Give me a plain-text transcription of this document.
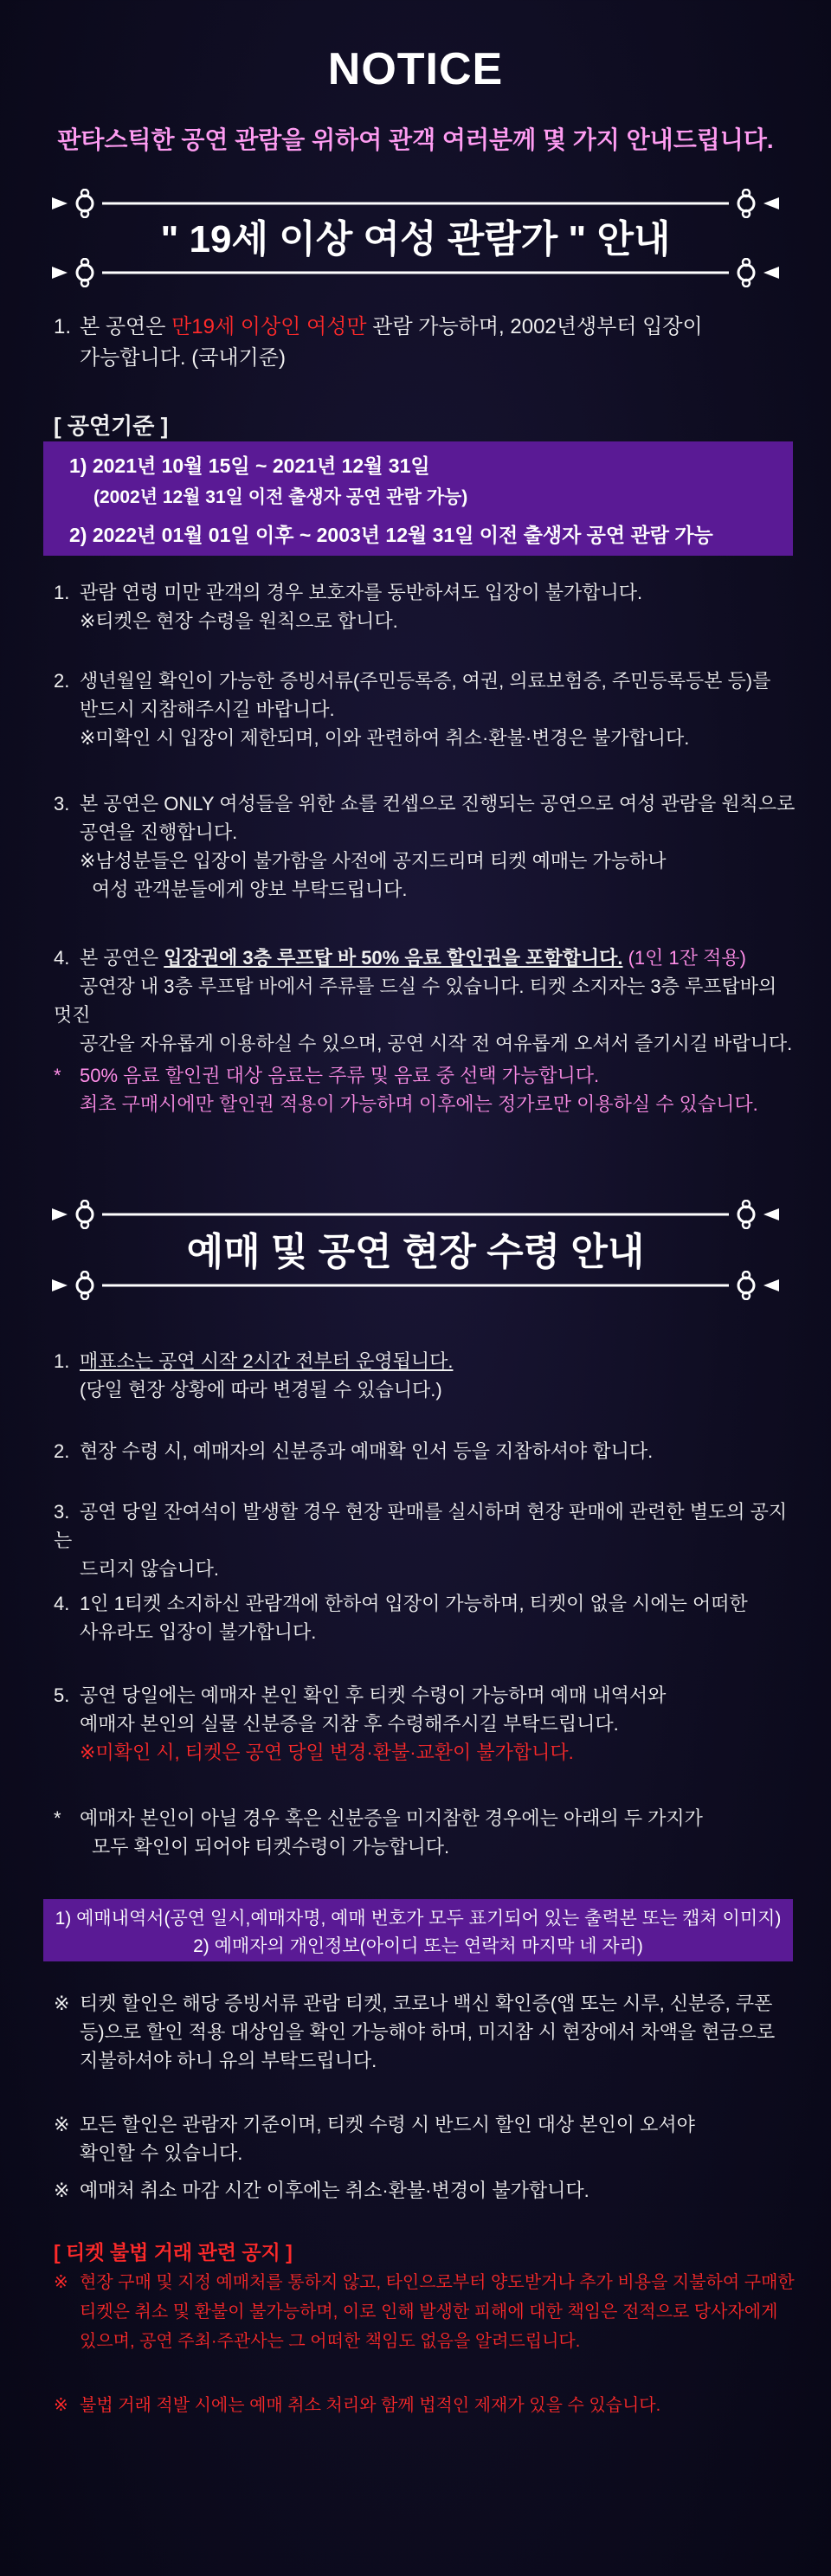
NOTICE
판타스틱한 공연 관람을 위하여 관객 여러분께 몇 가지 안내드립니다.
" 19세 이상 여성 관람가 " 안내
1. 본 공연은 만19세 이상인 여성만 관람 가능하며, 2002년생부터 입장이
가능합니다. (국내기준)
[ 공연기준 ]
1) 2021년 10월 15일 ~ 2021년 12월 31일
(2002년 12월 31일 이전 출생자 공연 관람 가능)
2) 2022년 01월 01일 이후 ~ 2003년 12월 31일 이전 출생자 공연 관람 가능
1. 관람 연령 미만 관객의 경우 보호자를 동반하셔도 입장이 불가합니다.
※티켓은 현장 수령을 원칙으로 합니다.
2. 생년월일 확인이 가능한 증빙서류(주민등록증, 여권, 의료보험증, 주민등록등본 등)를
반드시 지참해주시길 바랍니다.
※미확인 시 입장이 제한되며, 이와 관련하여 취소·환불·변경은 불가합니다.
3. 본 공연은 ONLY 여성들을 위한 쇼를 컨셉으로 진행되는 공연으로 여성 관람을 원칙으로
공연을 진행합니다.
※남성분들은 입장이 불가함을 사전에 공지드리며 티켓 예매는 가능하나
여성 관객분들에게 양보 부탁드립니다.
4. 본 공연은 입장권에 3층 루프탑 바 50% 음료 할인권을 포함합니다. (1인 1잔 적용)
공연장 내 3층 루프탑 바에서 주류를 드실 수 있습니다. 티켓 소지자는 3층 루프탑바의 멋진
공간을 자유롭게 이용하실 수 있으며, 공연 시작 전 여유롭게 오셔서 즐기시길 바랍니다.
* 50% 음료 할인권 대상 음료는 주류 및 음료 중 선택 가능합니다.
최초 구매시에만 할인권 적용이 가능하며 이후에는 정가로만 이용하실 수 있습니다.
예매 및 공연 현장 수령 안내
1. 매표소는 공연 시작 2시간 전부터 운영됩니다.
(당일 현장 상황에 따라 변경될 수 있습니다.)
2. 현장 수령 시, 예매자의 신분증과 예매확 인서 등을 지참하셔야 합니다.
3. 공연 당일 잔여석이 발생할 경우 현장 판매를 실시하며 현장 판매에 관련한 별도의 공지는
드리지 않습니다.
4. 1인 1티켓 소지하신 관람객에 한하여 입장이 가능하며, 티켓이 없을 시에는 어떠한
사유라도 입장이 불가합니다.
5. 공연 당일에는 예매자 본인 확인 후 티켓 수령이 가능하며 예매 내역서와
예매자 본인의 실물 신분증을 지참 후 수령해주시길 부탁드립니다.
※미확인 시, 티켓은 공연 당일 변경·환불·교환이 불가합니다.
* 예매자 본인이 아닐 경우 혹은 신분증을 미지참한 경우에는 아래의 두 가지가
모두 확인이 되어야 티켓수령이 가능합니다.
1) 예매내역서(공연 일시,예매자명, 예매 번호가 모두 표기되어 있는 출력본 또는 캡쳐 이미지)
2) 예매자의 개인정보(아이디 또는 연락처 마지막 네 자리)
※ 티켓 할인은 해당 증빙서류 관람 티켓, 코로나 백신 확인증(앱 또는 시루, 신분증, 쿠폰
등)으로 할인 적용 대상임을 확인 가능해야 하며, 미지참 시 현장에서 차액을 현금으로
지불하셔야 하니 유의 부탁드립니다.
※ 모든 할인은 관람자 기준이며, 티켓 수령 시 반드시 할인 대상 본인이 오셔야
확인할 수 있습니다.
※ 예매처 취소 마감 시간 이후에는 취소·환불·변경이 불가합니다.
[ 티켓 불법 거래 관련 공지 ]
※ 현장 구매 및 지정 예매처를 통하지 않고, 타인으로부터 양도받거나 추가 비용을 지불하여 구매한
티켓은 취소 및 환불이 불가능하며, 이로 인해 발생한 피해에 대한 책임은 전적으로 당사자에게
있으며, 공연 주최·주관사는 그 어떠한 책임도 없음을 알려드립니다.
※ 불법 거래 적발 시에는 예매 취소 처리와 함께 법적인 제재가 있을 수 있습니다.
